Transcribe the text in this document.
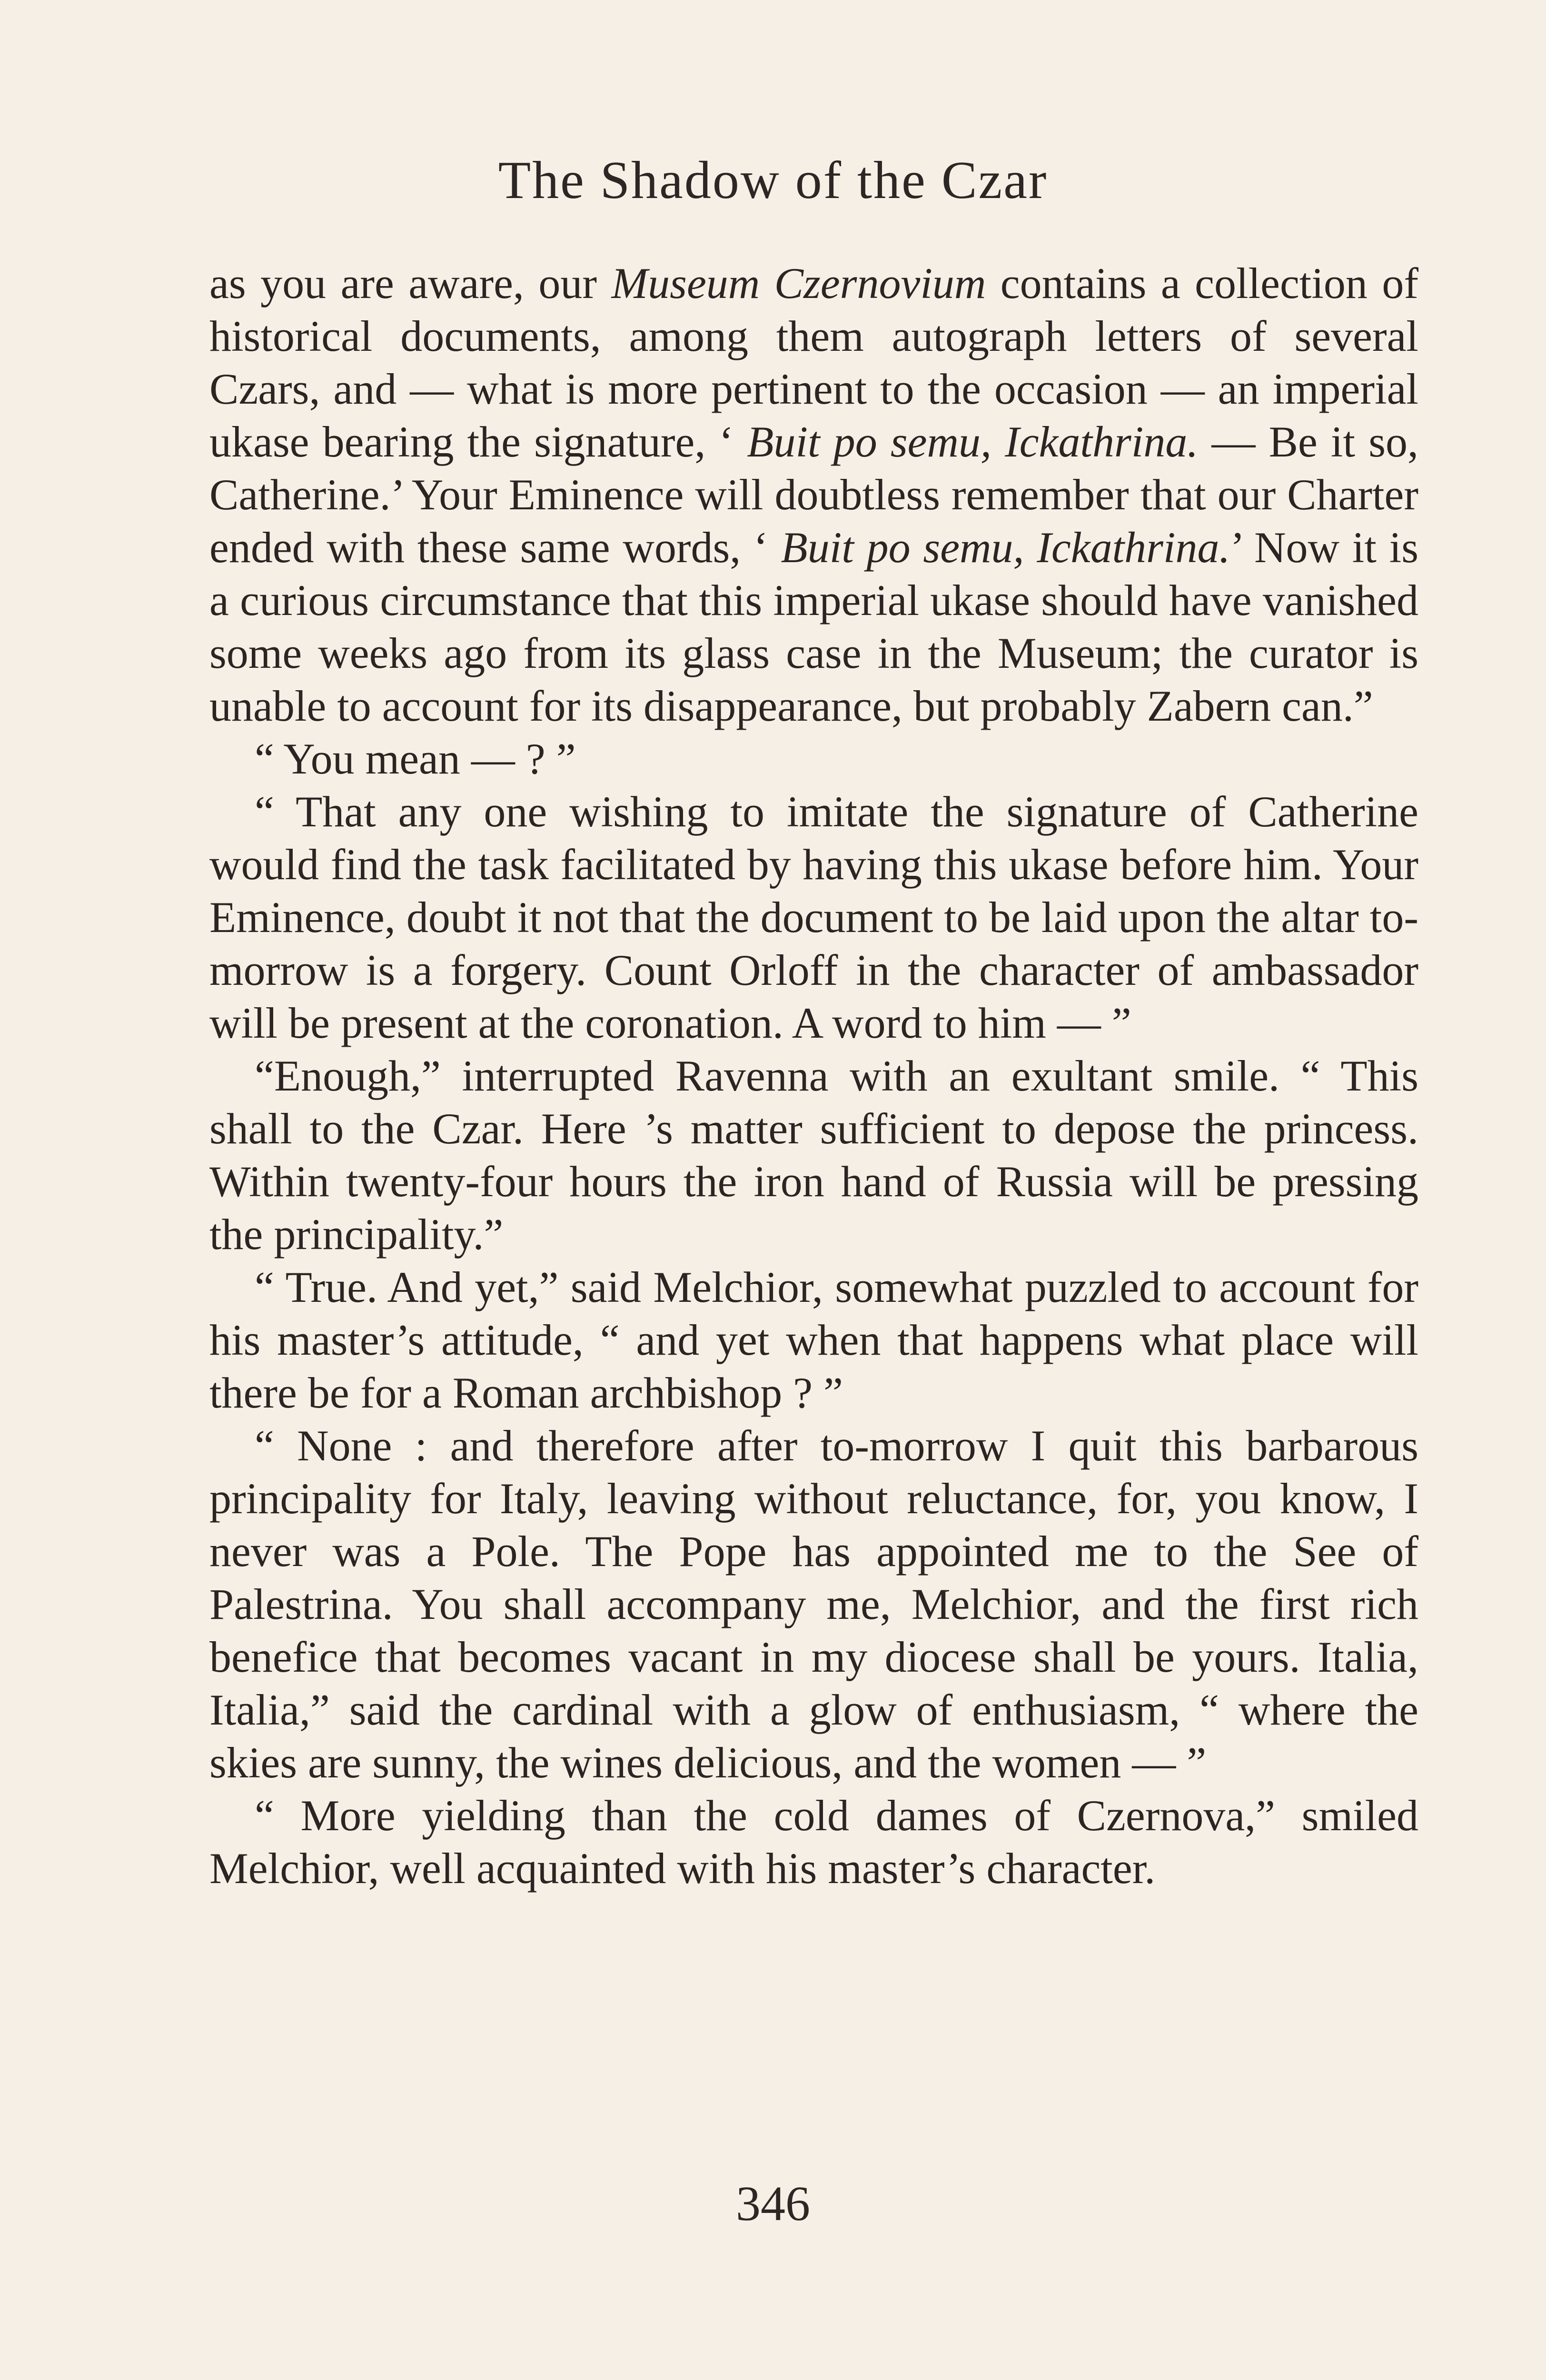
The Shadow of the Czar

as you are aware, our Museum Czernovium contains a collection of historical documents, among them autograph letters of several Czars, and — what is more pertinent to the occasion — an imperial ukase bearing the signature, ‘ Buit po semu, Ickathrina. — Be it so, Catherine.’ Your Eminence will doubtless remember that our Charter ended with these same words, ‘ Buit po semu, Ickathrina.’ Now it is a curious circumstance that this imperial ukase should have vanished some weeks ago from its glass case in the Museum; the curator is unable to account for its disappearance, but probably Zabern can.”

“ You mean — ? ”

“ That any one wishing to imitate the signature of Catherine would find the task facilitated by having this ukase before him. Your Eminence, doubt it not that the document to be laid upon the altar to-morrow is a forgery. Count Orloff in the character of ambassador will be present at the coronation. A word to him — ”

“Enough,” interrupted Ravenna with an exultant smile. “ This shall to the Czar. Here ’s matter sufficient to depose the princess. Within twenty-four hours the iron hand of Russia will be pressing the principality.”

“ True. And yet,” said Melchior, somewhat puzzled to account for his master’s attitude, “ and yet when that happens what place will there be for a Roman archbishop ? ”

“ None : and therefore after to-morrow I quit this barbarous principality for Italy, leaving without reluctance, for, you know, I never was a Pole. The Pope has appointed me to the See of Palestrina. You shall accompany me, Melchior, and the first rich benefice that becomes vacant in my diocese shall be yours. Italia, Italia,” said the cardinal with a glow of enthusiasm, “ where the skies are sunny, the wines delicious, and the women — ”

“ More yielding than the cold dames of Czernova,” smiled Melchior, well acquainted with his master’s character.

346
